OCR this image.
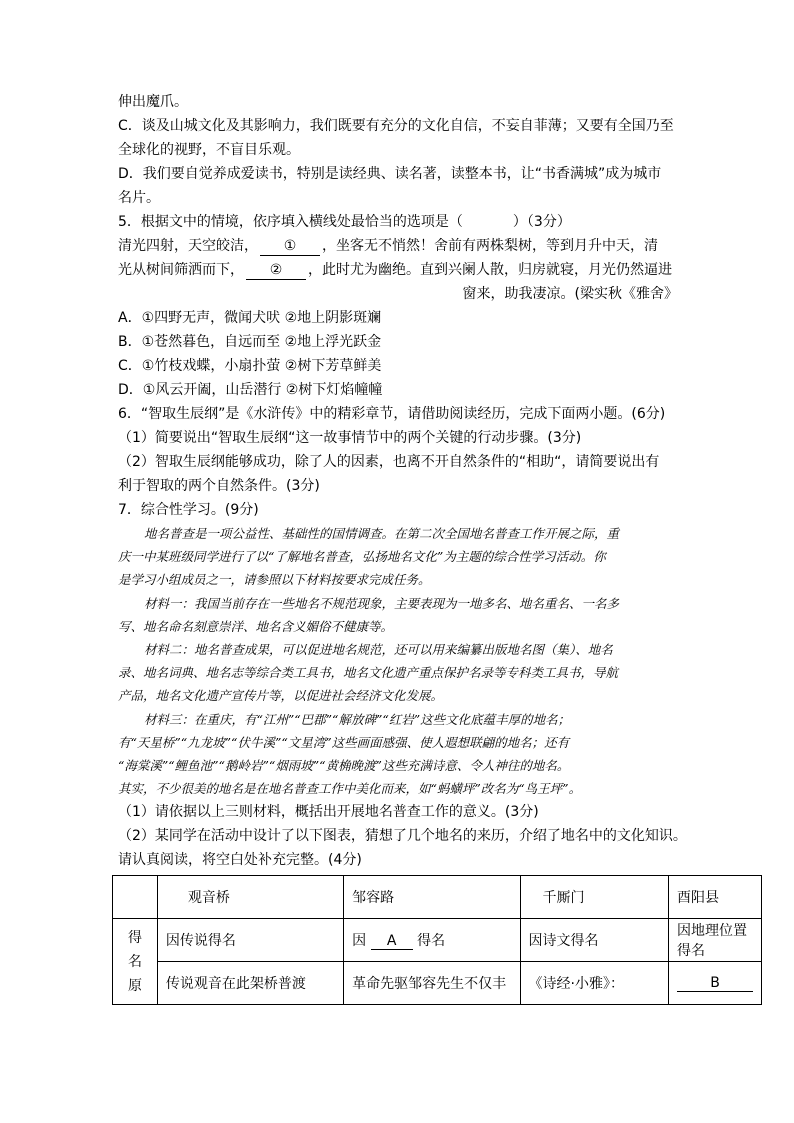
伸出魔爪。
C．谈及山城文化及其影响力，我们既要有充分的文化自信，不妄自菲薄；又要有全国乃至
全球化的视野，不盲目乐观。
D．我们要自觉养成爱读书，特别是读经典、读名著，读整本书，让“书香满城”成为城市
名片。
5．根据文中的情境，依序填入横线处最恰当的选项是（	）（3分）
清光四射，天空皎洁， ① ，坐客无不悄然！舍前有两株梨树，等到月升中天，清
光从树间筛洒而下， ② ，此时尤为幽绝。直到兴阑人散，归房就寝，月光仍然逼进
窗来，助我凄凉。(梁实秋《雅舍》
A．①四野无声，微闻犬吠 ②地上阴影斑斓
B．①苍然暮色，自远而至 ②地上浮光跃金
C．①竹枝戏蝶，小扇扑萤 ②树下芳草鲜美
D．①风云开阖，山岳潜行 ②树下灯焰幢幢
6．“智取生辰纲”是《水浒传》中的精彩章节，请借助阅读经历，完成下面两小题。(6分)
（1）简要说出“智取生辰纲“这一故事情节中的两个关键的行动步骤。(3分)
（2）智取生辰纲能够成功，除了人的因素，也离不开自然条件的“相助“，请简要说出有
利于智取的两个自然条件。(3分)
7．综合性学习。(9分)
地名普查是一项公益性、基础性的国情调查。在第二次全国地名普查工作开展之际，重
庆一中某班级同学进行了以“了解地名普查，弘扬地名文化”为主题的综合性学习活动。你
是学习小组成员之一，请参照以下材料按要求完成任务。
材料一：我国当前存在一些地名不规范现象，主要表现为一地多名、地名重名、一名多
写、地名命名刻意崇洋、地名含义媚俗不健康等。
材料二：地名普查成果，可以促进地名规范，还可以用来编纂出版地名图（集）、地名
录、地名词典、地名志等综合类工具书，地名文化遗产重点保护名录等专科类工具书，导航
产品，地名文化遗产宣传片等，以促进社会经济文化发展。
材料三：在重庆，有“江州”“巴郡”“解放碑”“红岩”这些文化底蕴丰厚的地名；
有“天星桥”“九龙坡”“伏牛溪”“文星湾”这些画面感强、使人遐想联翩的地名；还有
“海棠溪”“鲤鱼池”“鹅岭岩”“烟雨坡”“黄桷晚渡”这些充满诗意、令人神往的地名。
其实，不少很美的地名是在地名普查工作中美化而来，如“蚂蟥坪”改名为“鸟王坪”。
（1）请依据以上三则材料，概括出开展地名普查工作的意义。(3分)
（2）某同学在活动中设计了以下图表，猜想了几个地名的来历，介绍了地名中的文化知识。
请认真阅读，将空白处补充完整。(4分)
	观音桥	邹容路	千厮门	酉阳县

得
名
原	因传说得名	因 A 得名	因诗文得名	因地理位置得名
	传说观音在此架桥普渡	革命先驱邹容先生不仅丰	《诗经·小雅》：	B
